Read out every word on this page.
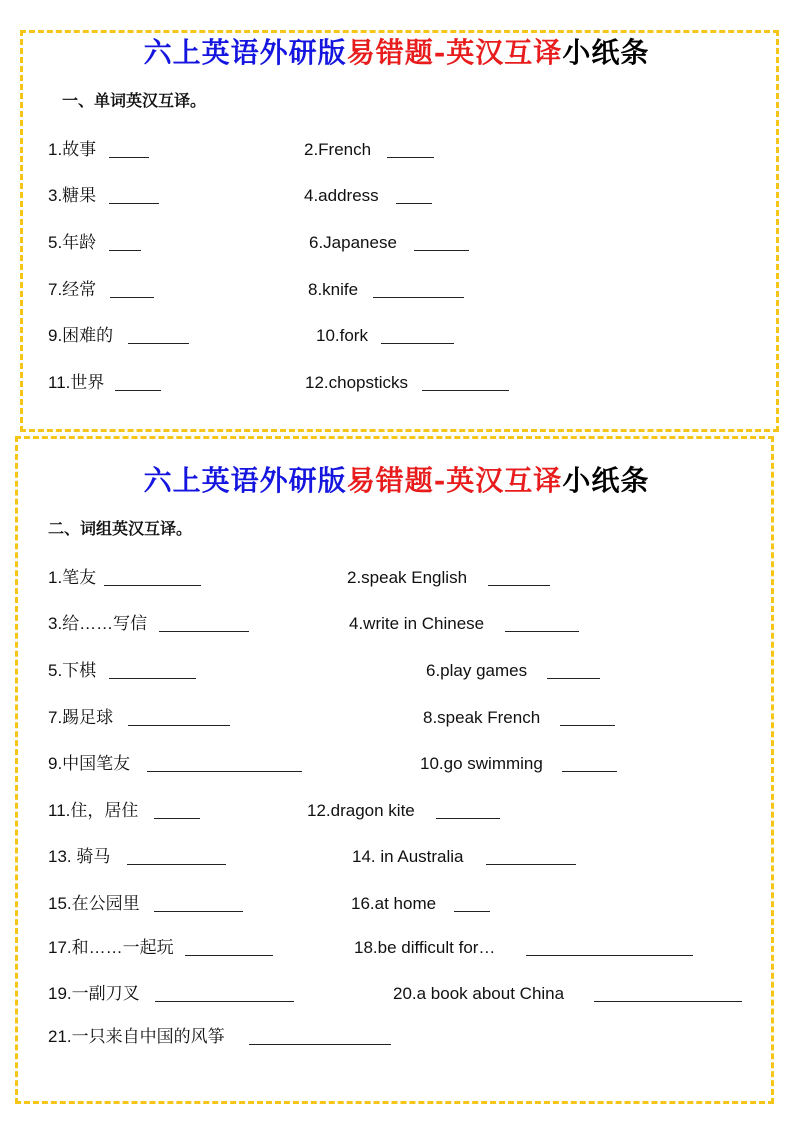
六上英语外研版易错题-英汉互译小纸条
一、单词英汉互译。
1.故事	2.French
3.糖果	4.address
5.年龄	6.Japanese
7.经常	8.knife
9.困难的	10.fork
11.世界	12.chopsticks
六上英语外研版易错题-英汉互译小纸条
二、词组英汉互译。
1.笔友	2.speak English
3.给……写信	4.write in Chinese
5.下棋	6.play games
7.踢足球	8.speak French
9.中国笔友	10.go swimming
11.住，居住	12.dragon kite
13. 骑马	14. in Australia
15.在公园里	16.at home
17.和……一起玩	18.be difficult for…
19.一副刀叉	20.a book about China
21.一只来自中国的风筝
